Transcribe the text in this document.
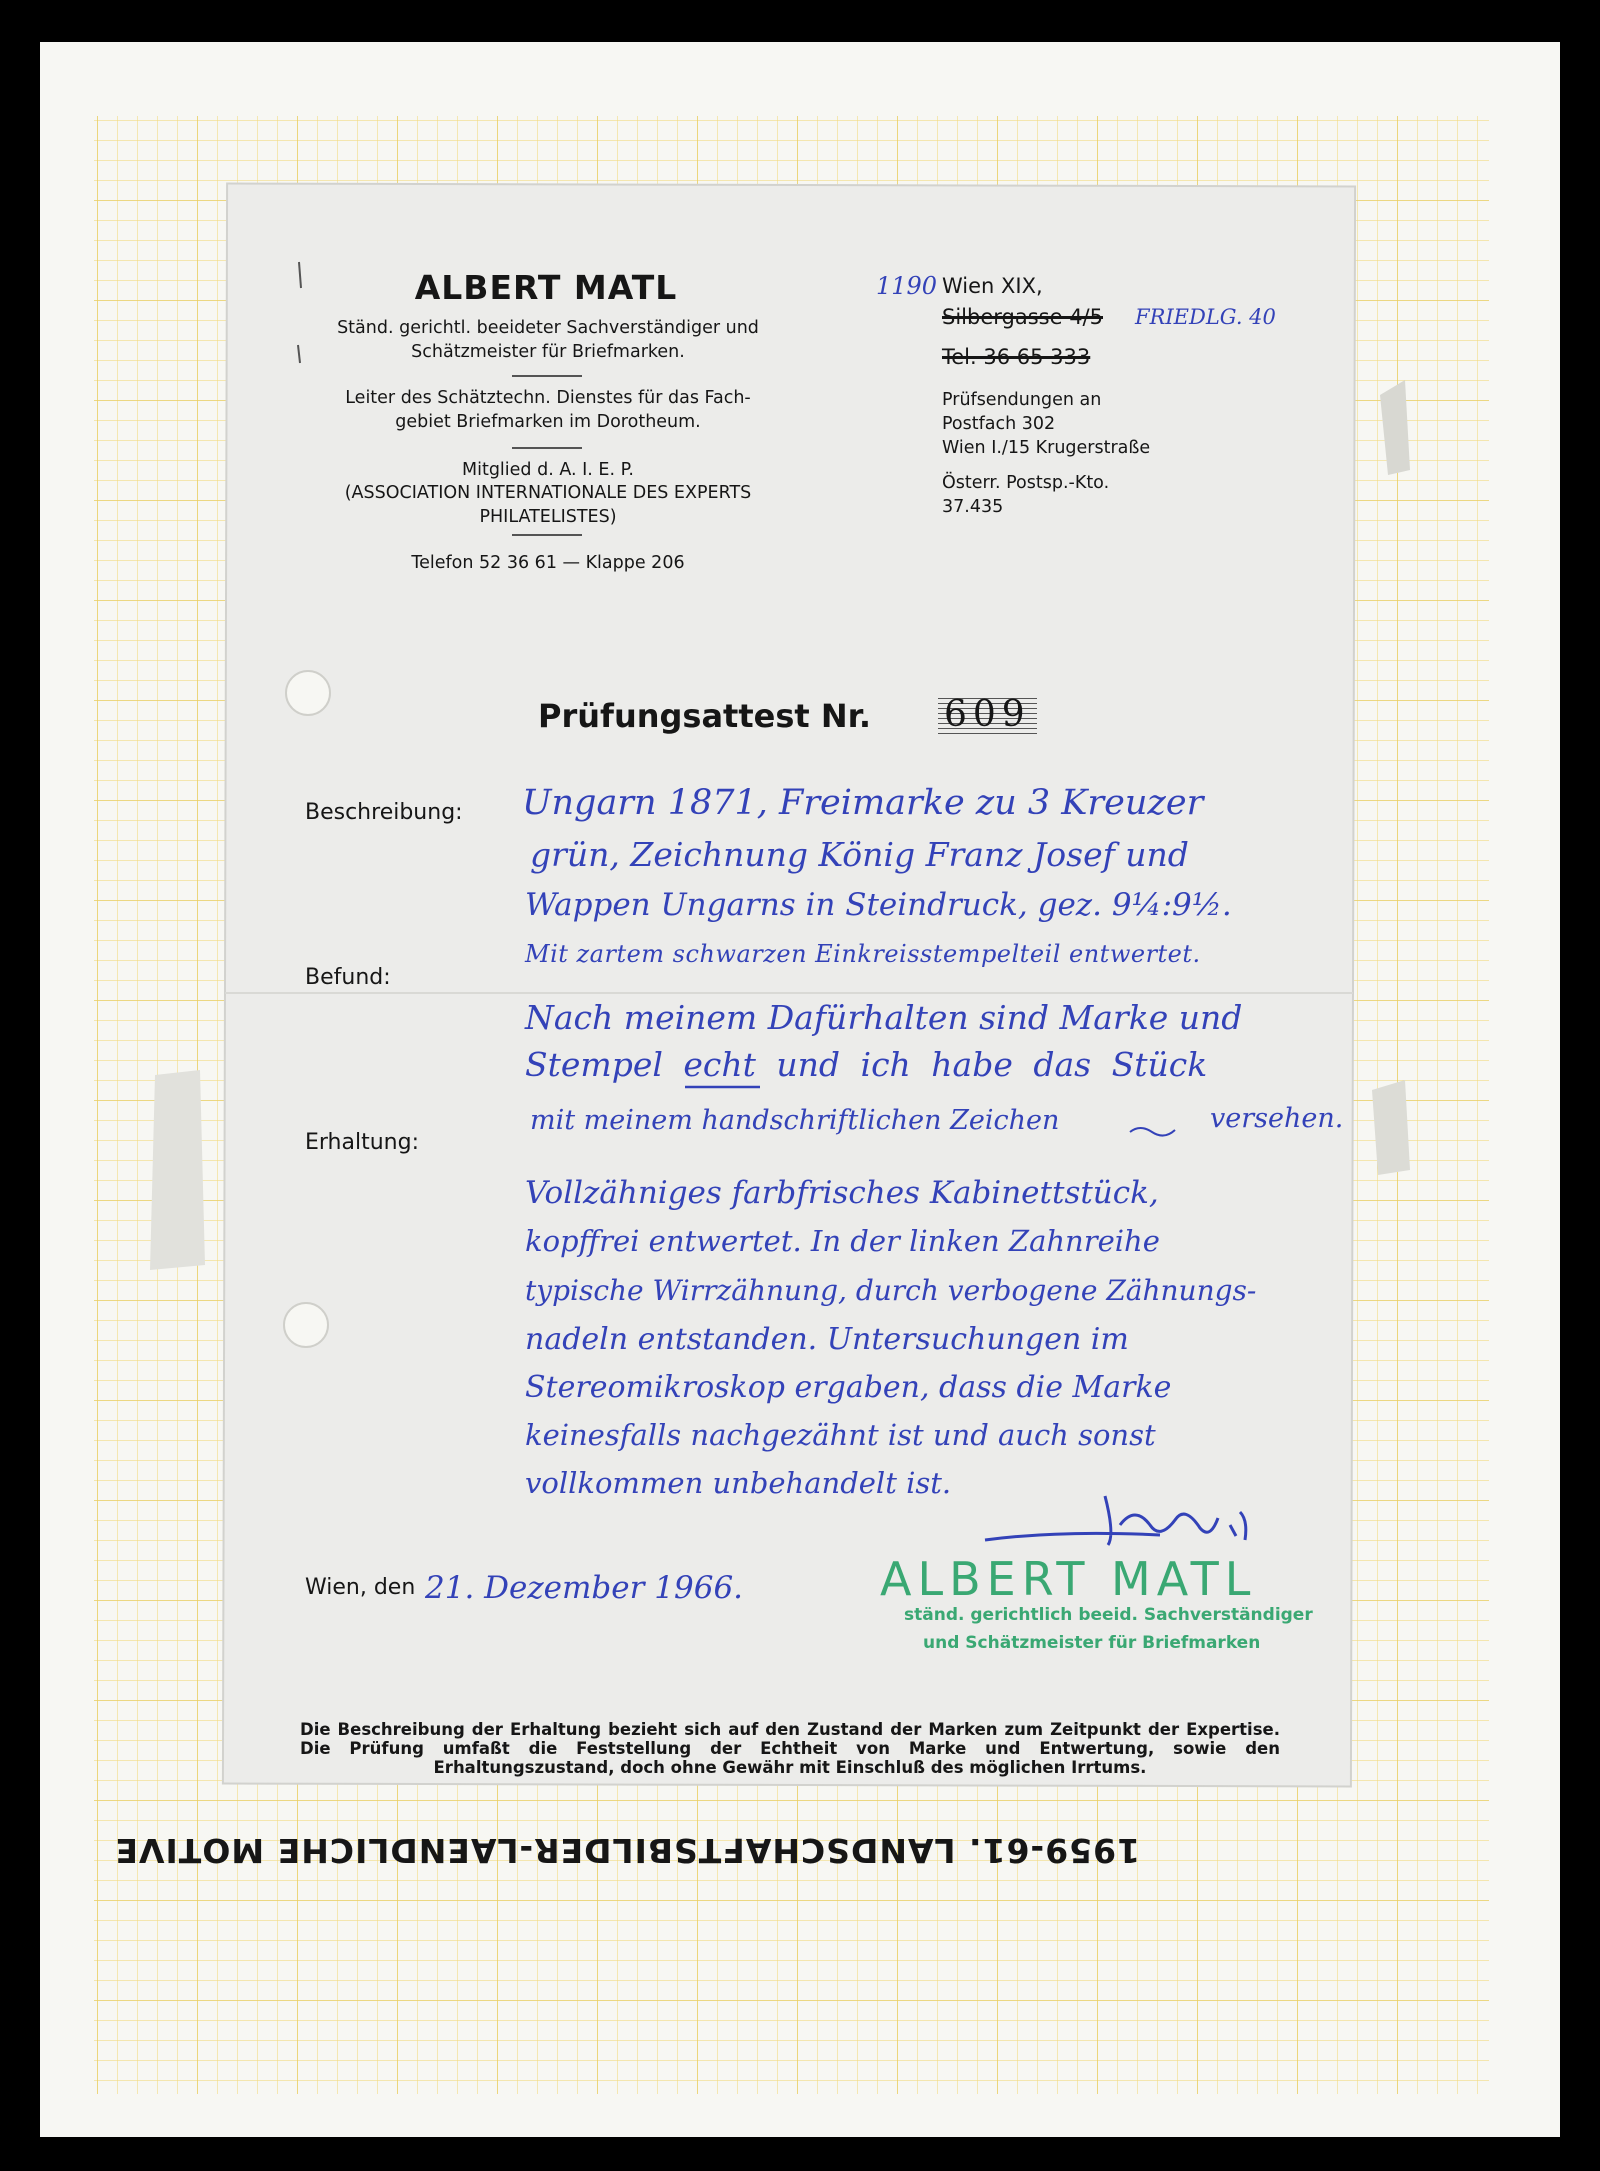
ALBERT MATL
Ständ. gerichtl. beeideter Sachverständiger und
Schätzmeister für Briefmarken.
Leiter des Schätztechn. Dienstes für das Fach-
gebiet Briefmarken im Dorotheum.
Mitglied d. A. I. E. P.
(ASSOCIATION INTERNATIONALE DES EXPERTS
PHILATELISTES)
Telefon 52 36 61 — Klappe 206
1190 Wien XIX,
Silbergasse 4/5 FRIEDLG. 40
Tel. 36 65 333
Prüfsendungen an
Postfach 302
Wien I./15 Krugerstraße
Österr. Postsp.-Kto.
37.435
Prüfungsattest Nr. 609
Beschreibung:
Befund:
Erhaltung:
Wien, den
Ungarn 1871, Freimarke zu 3 Kreuzer
grün, Zeichnung König Franz Josef und
Wappen Ungarns in Steindruck, gez. 9¼:9½.
Mit zartem schwarzen Einkreisstempelteil entwertet.
Nach meinem Dafürhalten sind Marke und
Stempel echt und ich habe das Stück
mit meinem handschriftlichen Zeichen	versehen.
Vollzähniges farbfrisches Kabinettstück,
kopffrei entwertet. In der linken Zahnreihe
typische Wirrzähnung, durch verbogene Zähnungs-
nadeln entstanden. Untersuchungen im
Stereomikroskop ergaben, dass die Marke
keinesfalls nachgezähnt ist und auch sonst
vollkommen unbehandelt ist.
21. Dezember 1966.	ALBERT MATL
ständ. gerichtlich beeid. Sachverständiger
und Schätzmeister für Briefmarken
Die Beschreibung der Erhaltung bezieht sich auf den Zustand der Marken zum Zeitpunkt der Expertise. Die Prüfung umfaßt die Feststellung der Echtheit von Marke und Entwertung, sowie den Erhaltungszustand, doch ohne Gewähr mit Einschluß des möglichen Irrtums.
1959-61. LANDSCHAFTSBILDER-LAENDLICHE MOTIVE
